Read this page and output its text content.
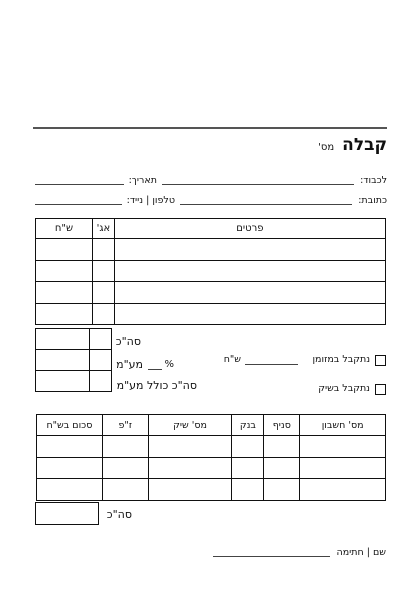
קבלהמס'
לכבוד:
תאריך:
כתובת:
טלפון | נייד:
פרטים	אג'	ש"ח

סה"כ
מע"מ %
סה"כ כולל מע"מ
נתקבל במזומן
ש"ח
נתקבל בשיק
מס' חשבון	סניף	בנק	מס' שיק	ז"פ	סכום בש"ח

סה"כ
שם | חתימה
